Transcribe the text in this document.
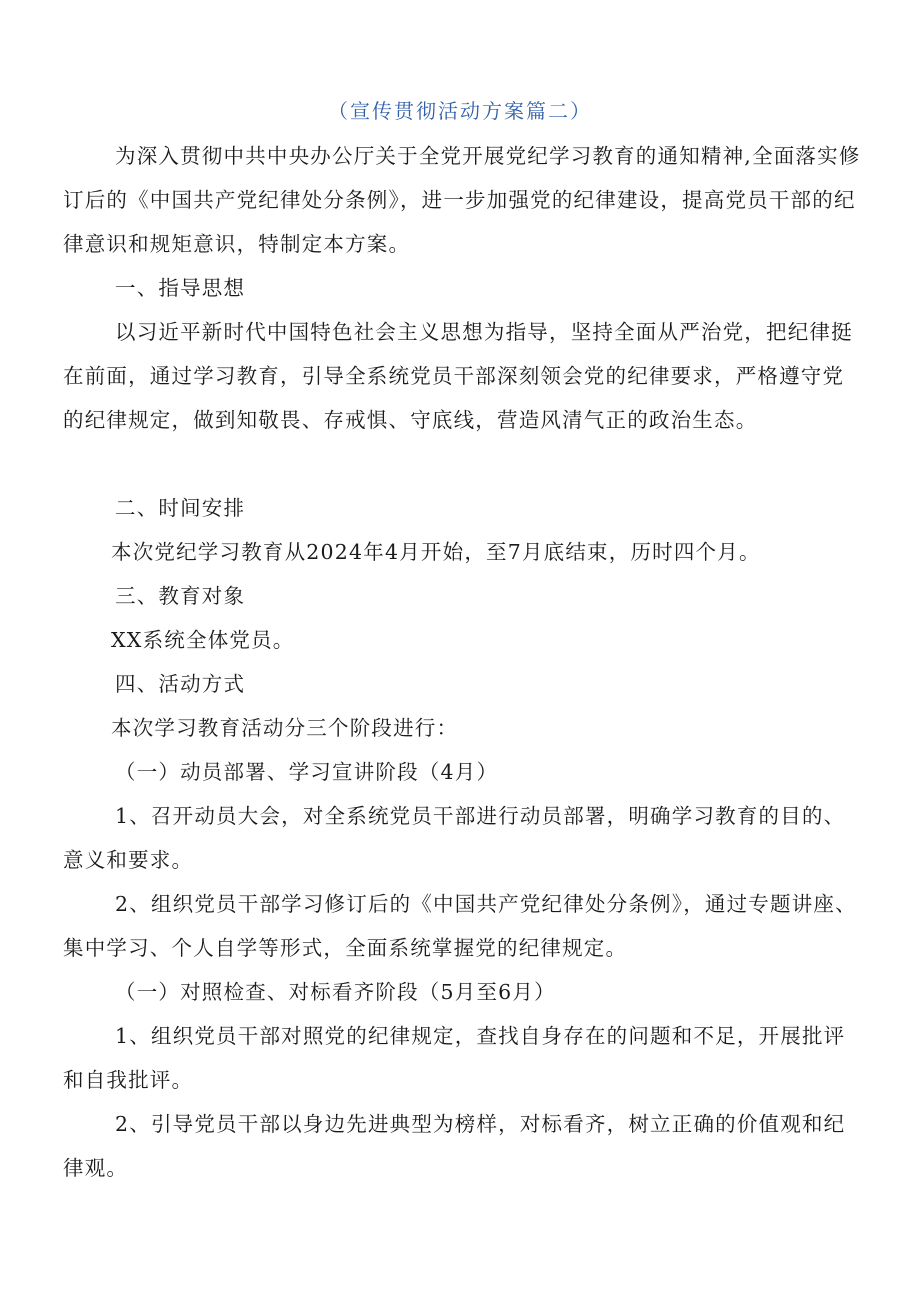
（宣传贯彻活动方案篇二）

为深入贯彻中共中央办公厅关于全党开展党纪学习教育的通知精神,全面落实修订后的《中国共产党纪律处分条例》，进一步加强党的纪律建设，提高党员干部的纪律意识和规矩意识，特制定本方案。

一、指导思想

以习近平新时代中国特色社会主义思想为指导，坚持全面从严治党，把纪律挺在前面，通过学习教育，引导全系统党员干部深刻领会党的纪律要求，严格遵守党的纪律规定，做到知敬畏、存戒惧、守底线，营造风清气正的政治生态。

二、时间安排

本次党纪学习教育从2024年4月开始，至7月底结束，历时四个月。

三、教育对象

XX系统全体党员。

四、活动方式

本次学习教育活动分三个阶段进行：

（一）动员部署、学习宣讲阶段（4月）

1、召开动员大会，对全系统党员干部进行动员部署，明确学习教育的目的、意义和要求。

2、组织党员干部学习修订后的《中国共产党纪律处分条例》，通过专题讲座、集中学习、个人自学等形式，全面系统掌握党的纪律规定。

（一）对照检查、对标看齐阶段（5月至6月）

1、组织党员干部对照党的纪律规定，查找自身存在的问题和不足，开展批评和自我批评。

2、引导党员干部以身边先进典型为榜样，对标看齐，树立正确的价值观和纪律观。
